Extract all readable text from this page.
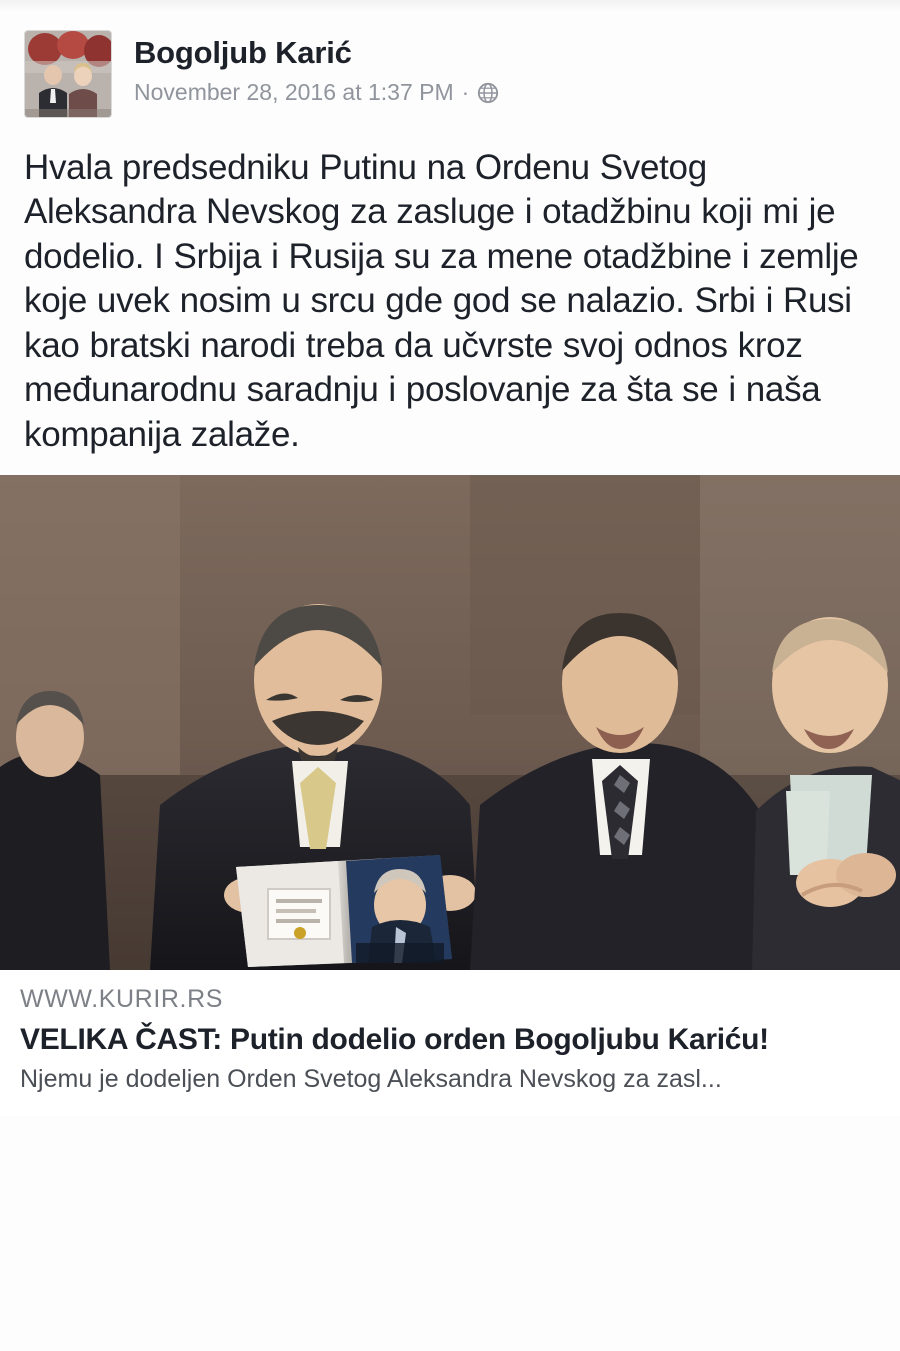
Bogoljub Karić
November 28, 2016 at 1:37 PM ·
Hvala predsedniku Putinu na Ordenu Svetog Aleksandra Nevskog za zasluge i otadžbinu koji mi je dodelio. I Srbija i Rusija su za mene otadžbine i zemlje koje uvek nosim u srcu gde god se nalazio. Srbi i Rusi kao bratski narodi treba da učvrste svoj odnos kroz međunarodnu saradnju i poslovanje za šta se i naša kompanija zalaže.
WWW.KURIR.RS
VELIKA ČAST: Putin dodelio orden Bogoljubu Kariću!
Njemu je dodeljen Orden Svetog Aleksandra Nevskog za zasl...
